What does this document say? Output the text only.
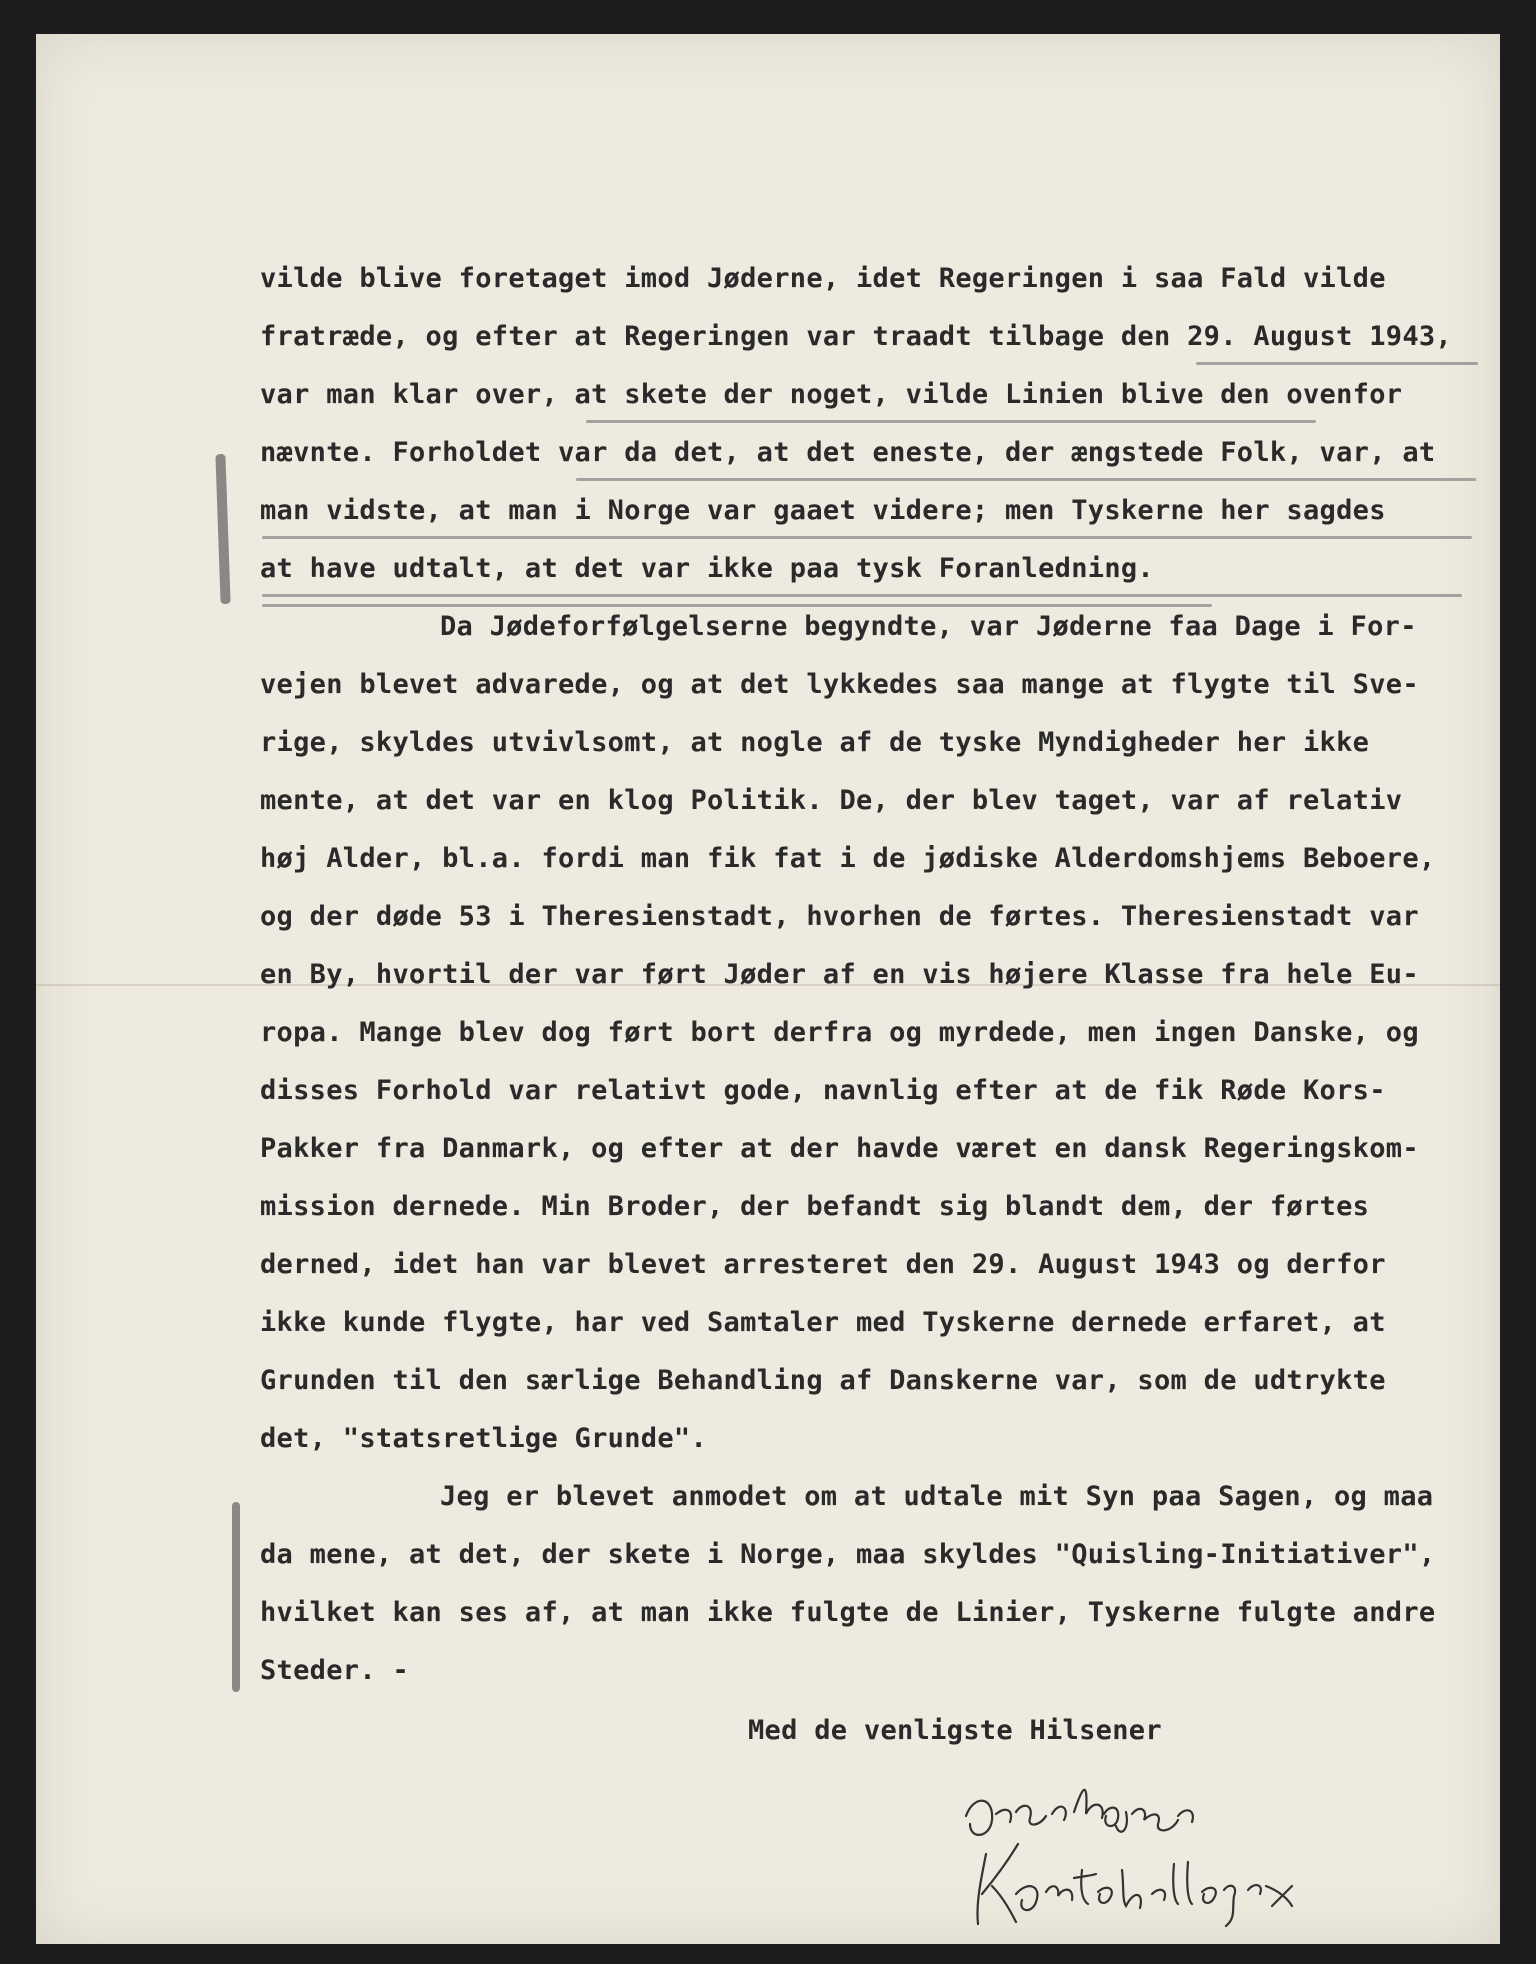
vilde blive foretaget imod Jøderne, idet Regeringen i saa Fald vilde
fratræde, og efter at Regeringen var traadt tilbage den 29. August 1943,
var man klar over, at skete der noget, vilde Linien blive den ovenfor
nævnte. Forholdet var da det, at det eneste, der ængstede Folk, var, at
man vidste, at man i Norge var gaaet videre; men Tyskerne her sagdes
at have udtalt, at det var ikke paa tysk Foranledning.
Da Jødeforfølgelserne begyndte, var Jøderne faa Dage i For-
vejen blevet advarede, og at det lykkedes saa mange at flygte til Sve-
rige, skyldes utvivlsomt, at nogle af de tyske Myndigheder her ikke
mente, at det var en klog Politik. De, der blev taget, var af relativ
høj Alder, bl.a. fordi man fik fat i de jødiske Alderdomshjems Beboere,
og der døde 53 i Theresienstadt, hvorhen de førtes. Theresienstadt var
en By, hvortil der var ført Jøder af en vis højere Klasse fra hele Eu-
ropa. Mange blev dog ført bort derfra og myrdede, men ingen Danske, og
disses Forhold var relativt gode, navnlig efter at de fik Røde Kors-
Pakker fra Danmark, og efter at der havde været en dansk Regeringskom-
mission dernede. Min Broder, der befandt sig blandt dem, der førtes
derned, idet han var blevet arresteret den 29. August 1943 og derfor
ikke kunde flygte, har ved Samtaler med Tyskerne dernede erfaret, at
Grunden til den særlige Behandling af Danskerne var, som de udtrykte
det, "statsretlige Grunde".
Jeg er blevet anmodet om at udtale mit Syn paa Sagen, og maa
da mene, at det, der skete i Norge, maa skyldes "Quisling-Initiativer",
hvilket kan ses af, at man ikke fulgte de Linier, Tyskerne fulgte andre
Steder. -
Med de venligste Hilsener
